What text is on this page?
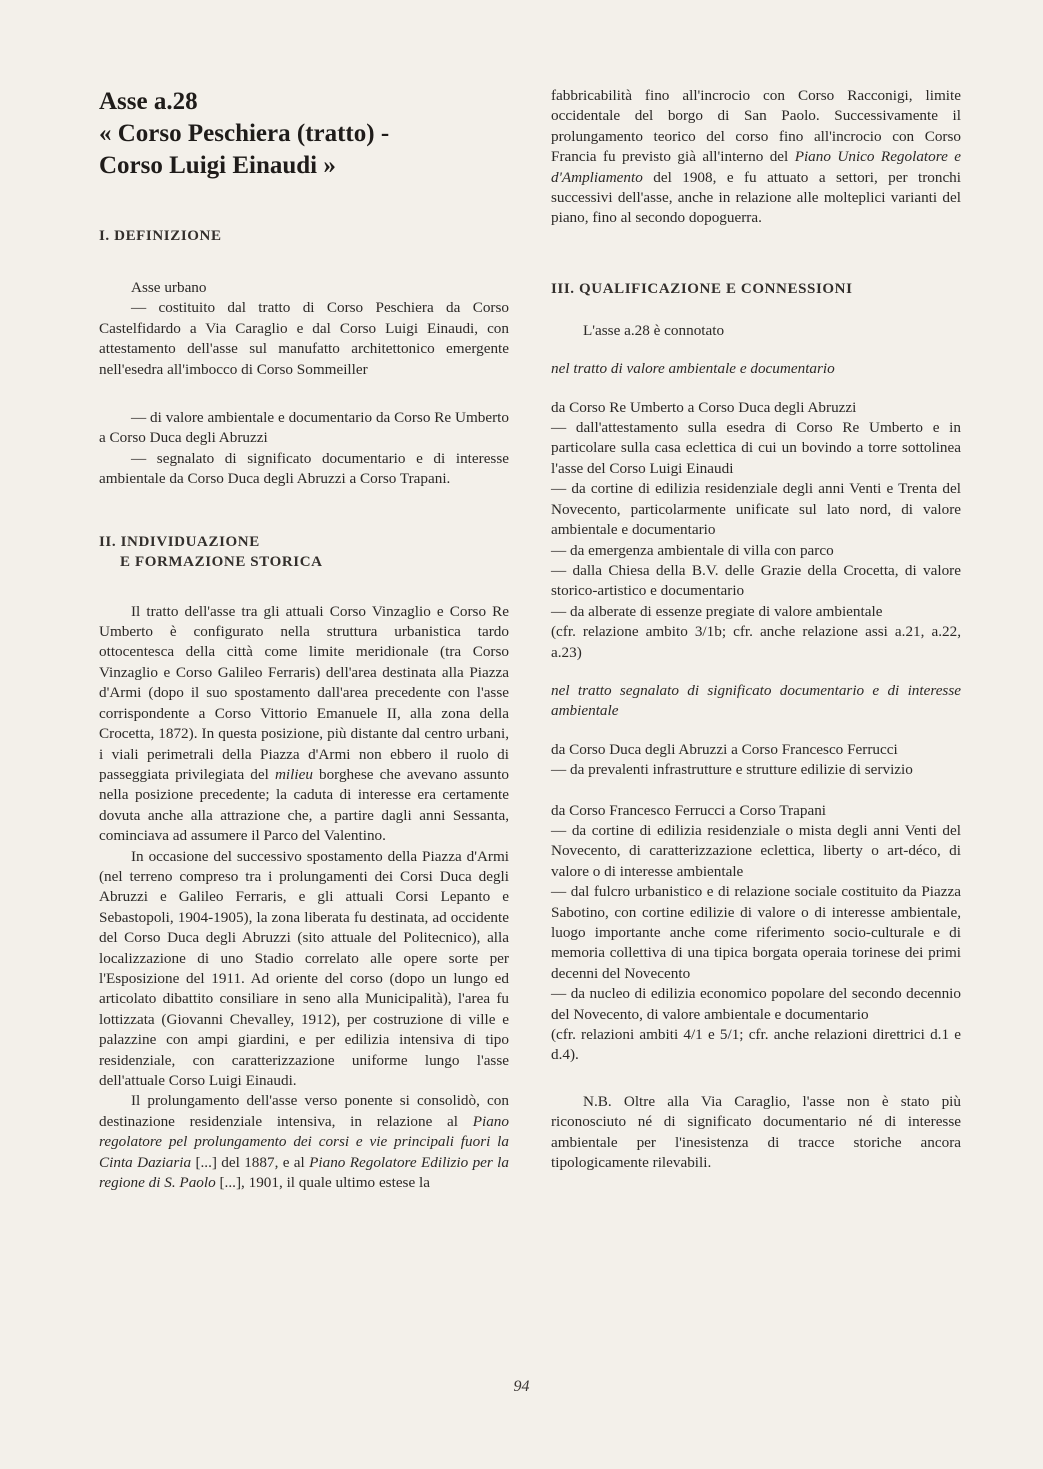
Asse a.28
« Corso Peschiera (tratto) -
Corso Luigi Einaudi »
I. DEFINIZIONE

Asse urbano

— costituito dal tratto di Corso Peschiera da Corso Castelfidardo a Via Caraglio e dal Corso Luigi Einaudi, con attestamento dell'asse sul manufatto architettonico emergente nell'esedra all'imbocco di Corso Sommeiller

— di valore ambientale e documentario da Corso Re Umberto a Corso Duca degli Abruzzi

— segnalato di significato documentario e di interesse ambientale da Corso Duca degli Abruzzi a Corso Trapani.

II. INDIVIDUAZIONE
E FORMAZIONE STORICA

Il tratto dell'asse tra gli attuali Corso Vinzaglio e Corso Re Umberto è configurato nella struttura urbanistica tardo ottocentesca della città come limite meridionale (tra Corso Vinzaglio e Corso Galileo Ferraris) dell'area destinata alla Piazza d'Armi (dopo il suo spostamento dall'area precedente con l'asse corrispondente a Corso Vittorio Emanuele II, alla zona della Crocetta, 1872). In questa posizione, più distante dal centro urbani, i viali perimetrali della Piazza d'Armi non ebbero il ruolo di passeggiata privilegiata del milieu borghese che avevano assunto nella posizione precedente; la caduta di interesse era certamente dovuta anche alla attrazione che, a partire dagli anni Sessanta, cominciava ad assumere il Parco del Valentino.

In occasione del successivo spostamento della Piazza d'Armi (nel terreno compreso tra i prolungamenti dei Corsi Duca degli Abruzzi e Galileo Ferraris, e gli attuali Corsi Lepanto e Sebastopoli, 1904-1905), la zona liberata fu destinata, ad occidente del Corso Duca degli Abruzzi (sito attuale del Politecnico), alla localizzazione di uno Stadio correlato alle opere sorte per l'Esposizione del 1911. Ad oriente del corso (dopo un lungo ed articolato dibattito consiliare in seno alla Municipalità), l'area fu lottizzata (Giovanni Chevalley, 1912), per costruzione di ville e palazzine con ampi giardini, e per edilizia intensiva di tipo residenziale, con caratterizzazione uniforme lungo l'asse dell'attuale Corso Luigi Einaudi.

Il prolungamento dell'asse verso ponente si consolidò, con destinazione residenziale intensiva, in relazione al Piano regolatore pel prolungamento dei corsi e vie principali fuori la Cinta Daziaria [...] del 1887, e al Piano Regolatore Edilizio per la regione di S. Paolo [...], 1901, il quale ultimo estese la

fabbricabilità fino all'incrocio con Corso Racconigi, limite occidentale del borgo di San Paolo. Successivamente il prolungamento teorico del corso fino all'incrocio con Corso Francia fu previsto già all'interno del Piano Unico Regolatore e d'Ampliamento del 1908, e fu attuato a settori, per tronchi successivi dell'asse, anche in relazione alle molteplici varianti del piano, fino al secondo dopoguerra.

III. QUALIFICAZIONE E CONNESSIONI

L'asse a.28 è connotato

nel tratto di valore ambientale e documentario

da Corso Re Umberto a Corso Duca degli Abruzzi

— dall'attestamento sulla esedra di Corso Re Umberto e in particolare sulla casa eclettica di cui un bovindo a torre sottolinea l'asse del Corso Luigi Einaudi

— da cortine di edilizia residenziale degli anni Venti e Trenta del Novecento, particolarmente unificate sul lato nord, di valore ambientale e documentario

— da emergenza ambientale di villa con parco

— dalla Chiesa della B.V. delle Grazie della Crocetta, di valore storico-artistico e documentario

— da alberate di essenze pregiate di valore ambientale

(cfr. relazione ambito 3/1b; cfr. anche relazione assi a.21, a.22, a.23)

nel tratto segnalato di significato documentario e di interesse ambientale

da Corso Duca degli Abruzzi a Corso Francesco Ferrucci

— da prevalenti infrastrutture e strutture edilizie di servizio

da Corso Francesco Ferrucci a Corso Trapani

— da cortine di edilizia residenziale o mista degli anni Venti del Novecento, di caratterizzazione eclettica, liberty o art-déco, di valore o di interesse ambientale

— dal fulcro urbanistico e di relazione sociale costituito da Piazza Sabotino, con cortine edilizie di valore o di interesse ambientale, luogo importante anche come riferimento socio-culturale e di memoria collettiva di una tipica borgata operaia torinese dei primi decenni del Novecento

— da nucleo di edilizia economico popolare del secondo decennio del Novecento, di valore ambientale e documentario

(cfr. relazioni ambiti 4/1 e 5/1; cfr. anche relazioni direttrici d.1 e d.4).

N.B. Oltre alla Via Caraglio, l'asse non è stato più riconosciuto né di significato documentario né di interesse ambientale per l'inesistenza di tracce storiche ancora tipologicamente rilevabili.

94
